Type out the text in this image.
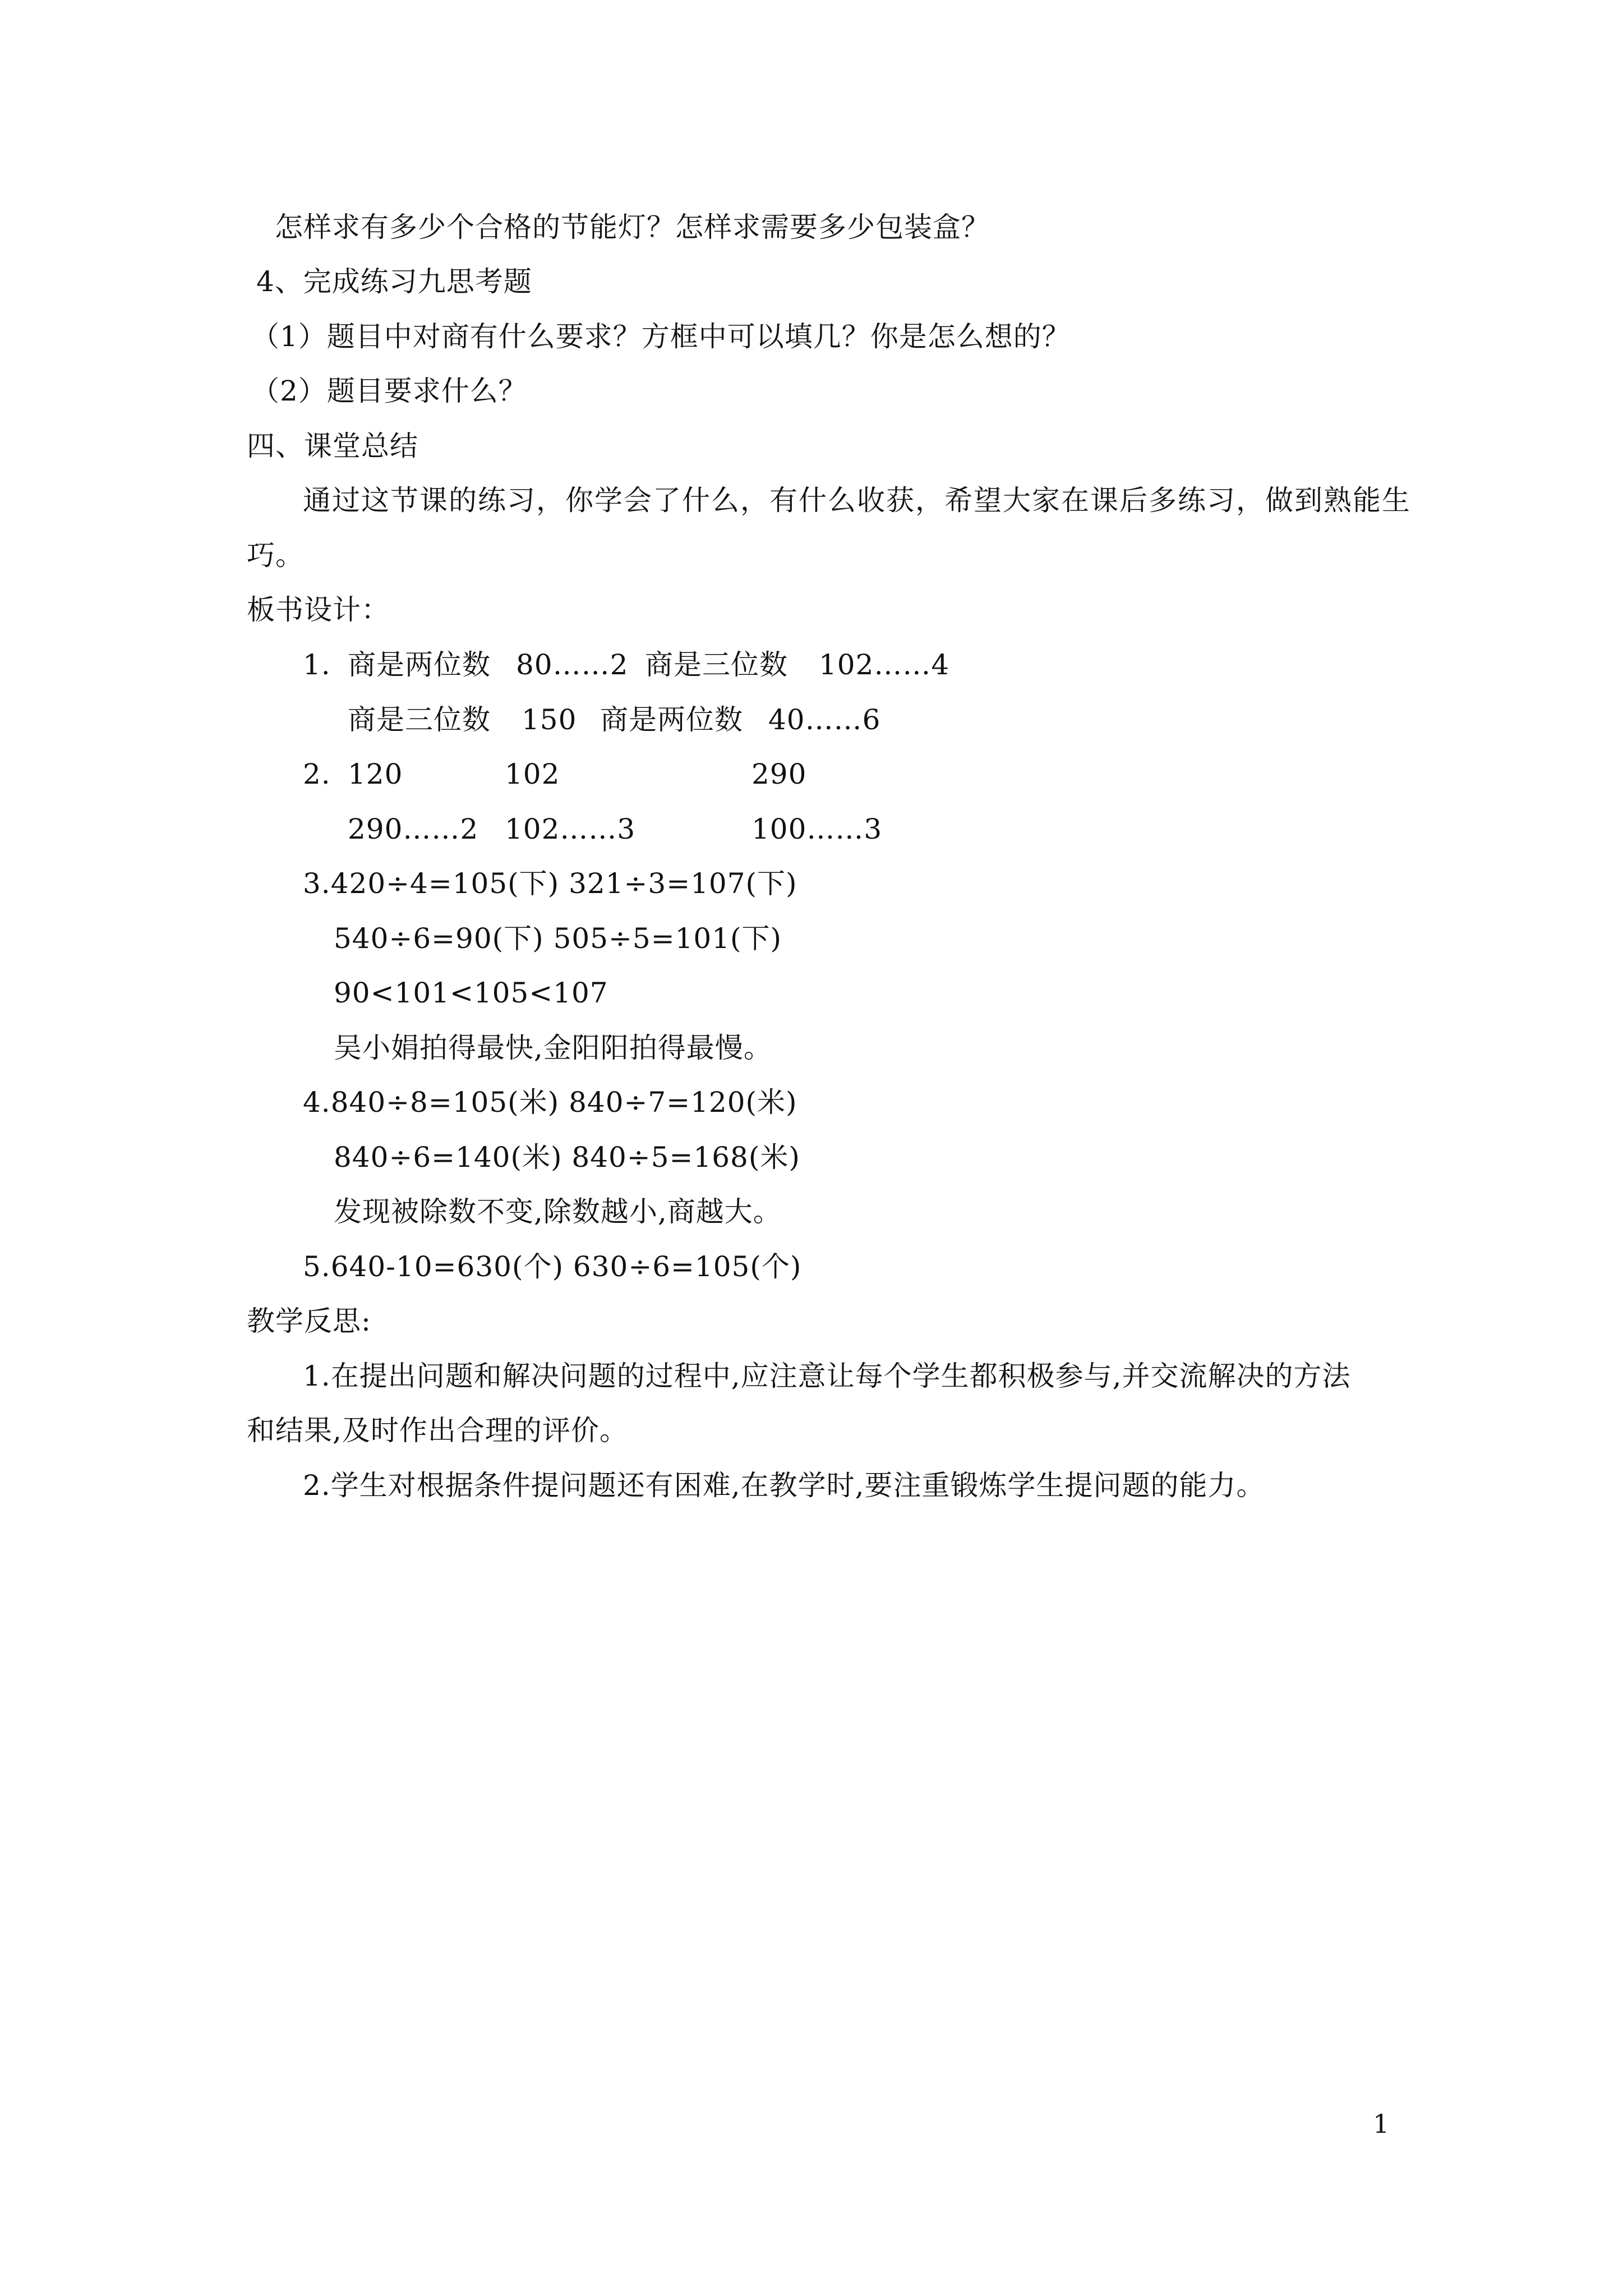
怎样求有多少个合格的节能灯？怎样求需要多少包装盒？
4、完成练习九思考题
（1）题目中对商有什么要求？方框中可以填几？你是怎么想的？
（2）题目要求什么？
四、课堂总结
通过这节课的练习，你学会了什么，有什么收获，希望大家在课后多练习，做到熟能生
巧。
板书设计：
1. 商是两位数 80……2 商是三位数 102……4
商是三位数 150 商是两位数 40……6
2. 120	102	290
290……2 102……3	100……3
3.420÷4=105(下) 321÷3=107(下)
540÷6=90(下) 505÷5=101(下)
90<101<105<107
吴小娟拍得最快,金阳阳拍得最慢。
4.840÷8=105(米) 840÷7=120(米)
840÷6=140(米) 840÷5=168(米)
发现被除数不变,除数越小,商越大。
5.640-10=630(个) 630÷6=105(个)
教学反思:
1.在提出问题和解决问题的过程中,应注意让每个学生都积极参与,并交流解决的方法
和结果,及时作出合理的评价。
2.学生对根据条件提问题还有困难,在教学时,要注重锻炼学生提问题的能力。
1
